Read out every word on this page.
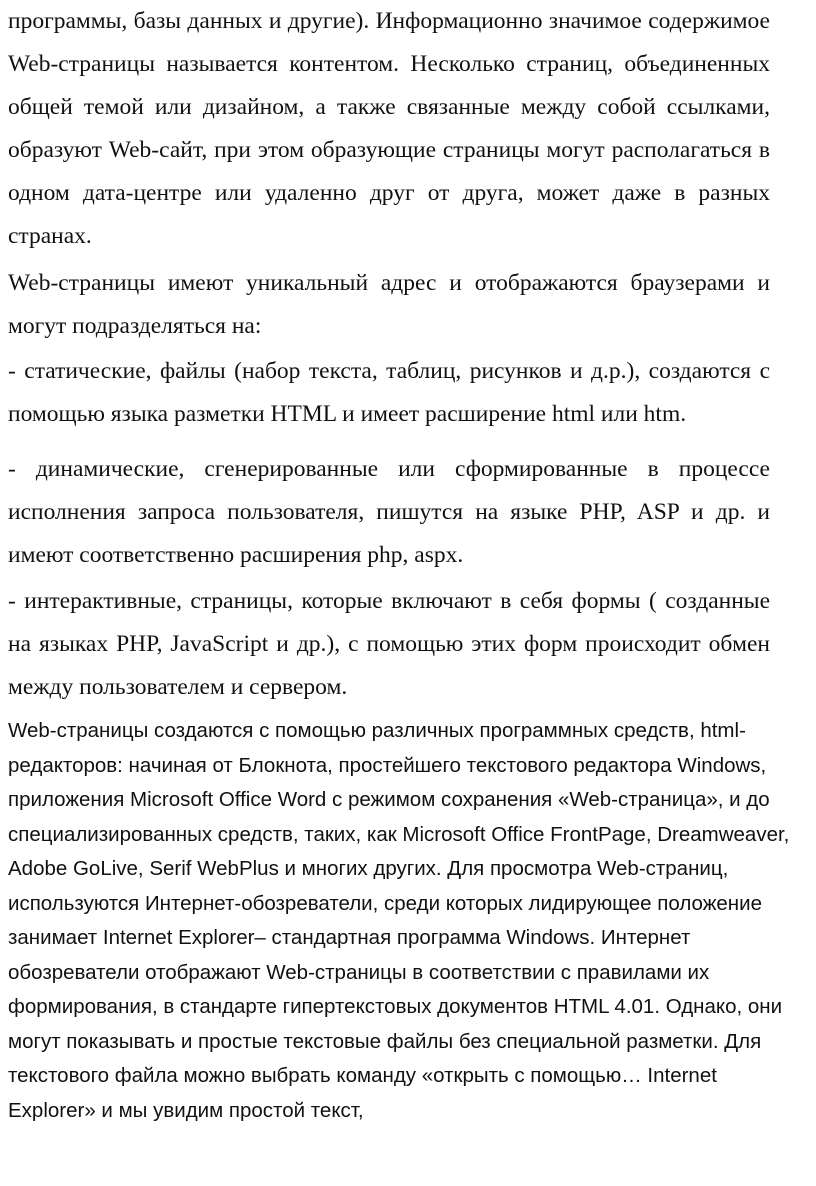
программы, базы данных и другие). Информационно значимое содержимое Web-страницы называется контентом. Несколько страниц, объединенных общей темой или дизайном, а также связанные между собой ссылками, образуют Web-сайт, при этом образующие страницы могут располагаться в одном дата-центре или удаленно друг от друга, может даже в разных странах.

Web-страницы имеют уникальный адрес и отображаются браузерами и могут подразделяться на:

- статические, файлы (набор текста, таблиц, рисунков и д.р.), создаются с помощью языка разметки HTML и имеет расширение html или htm.

- динамические, сгенерированные или сформированные в процессе исполнения запроса пользователя, пишутся на языке PHP, ASP и др. и имеют соответственно расширения php, aspx.

- интерактивные, страницы, которые включают в себя формы ( созданные на языках PHP, JavaScript и др.), с помощью этих форм происходит обмен между пользователем и сервером.

Web-страницы создаются с помощью различных программных средств, html-редакторов: начиная от Блокнота, простейшего текстового редактора Windows, приложения Microsoft Office Word с режимом сохранения «Web-страница», и до специализированных средств, таких, как Microsoft Office FrontPage, Dreamweaver, Adobe GoLive, Serif WebPlus и многих других. Для просмотра Web-страниц, используются Интернет-обозреватели, среди которых лидирующее положение занимает Internet Explorer– стандартная программа Windows. Интернет обозреватели отображают Web-страницы в соответствии с правилами их формирования, в стандарте гипертекстовых документов HTML 4.01. Однако, они могут показывать и простые текстовые файлы без специальной разметки. Для текстового файла можно выбрать команду «открыть с помощью… Internet Explorer» и мы увидим простой текст,
